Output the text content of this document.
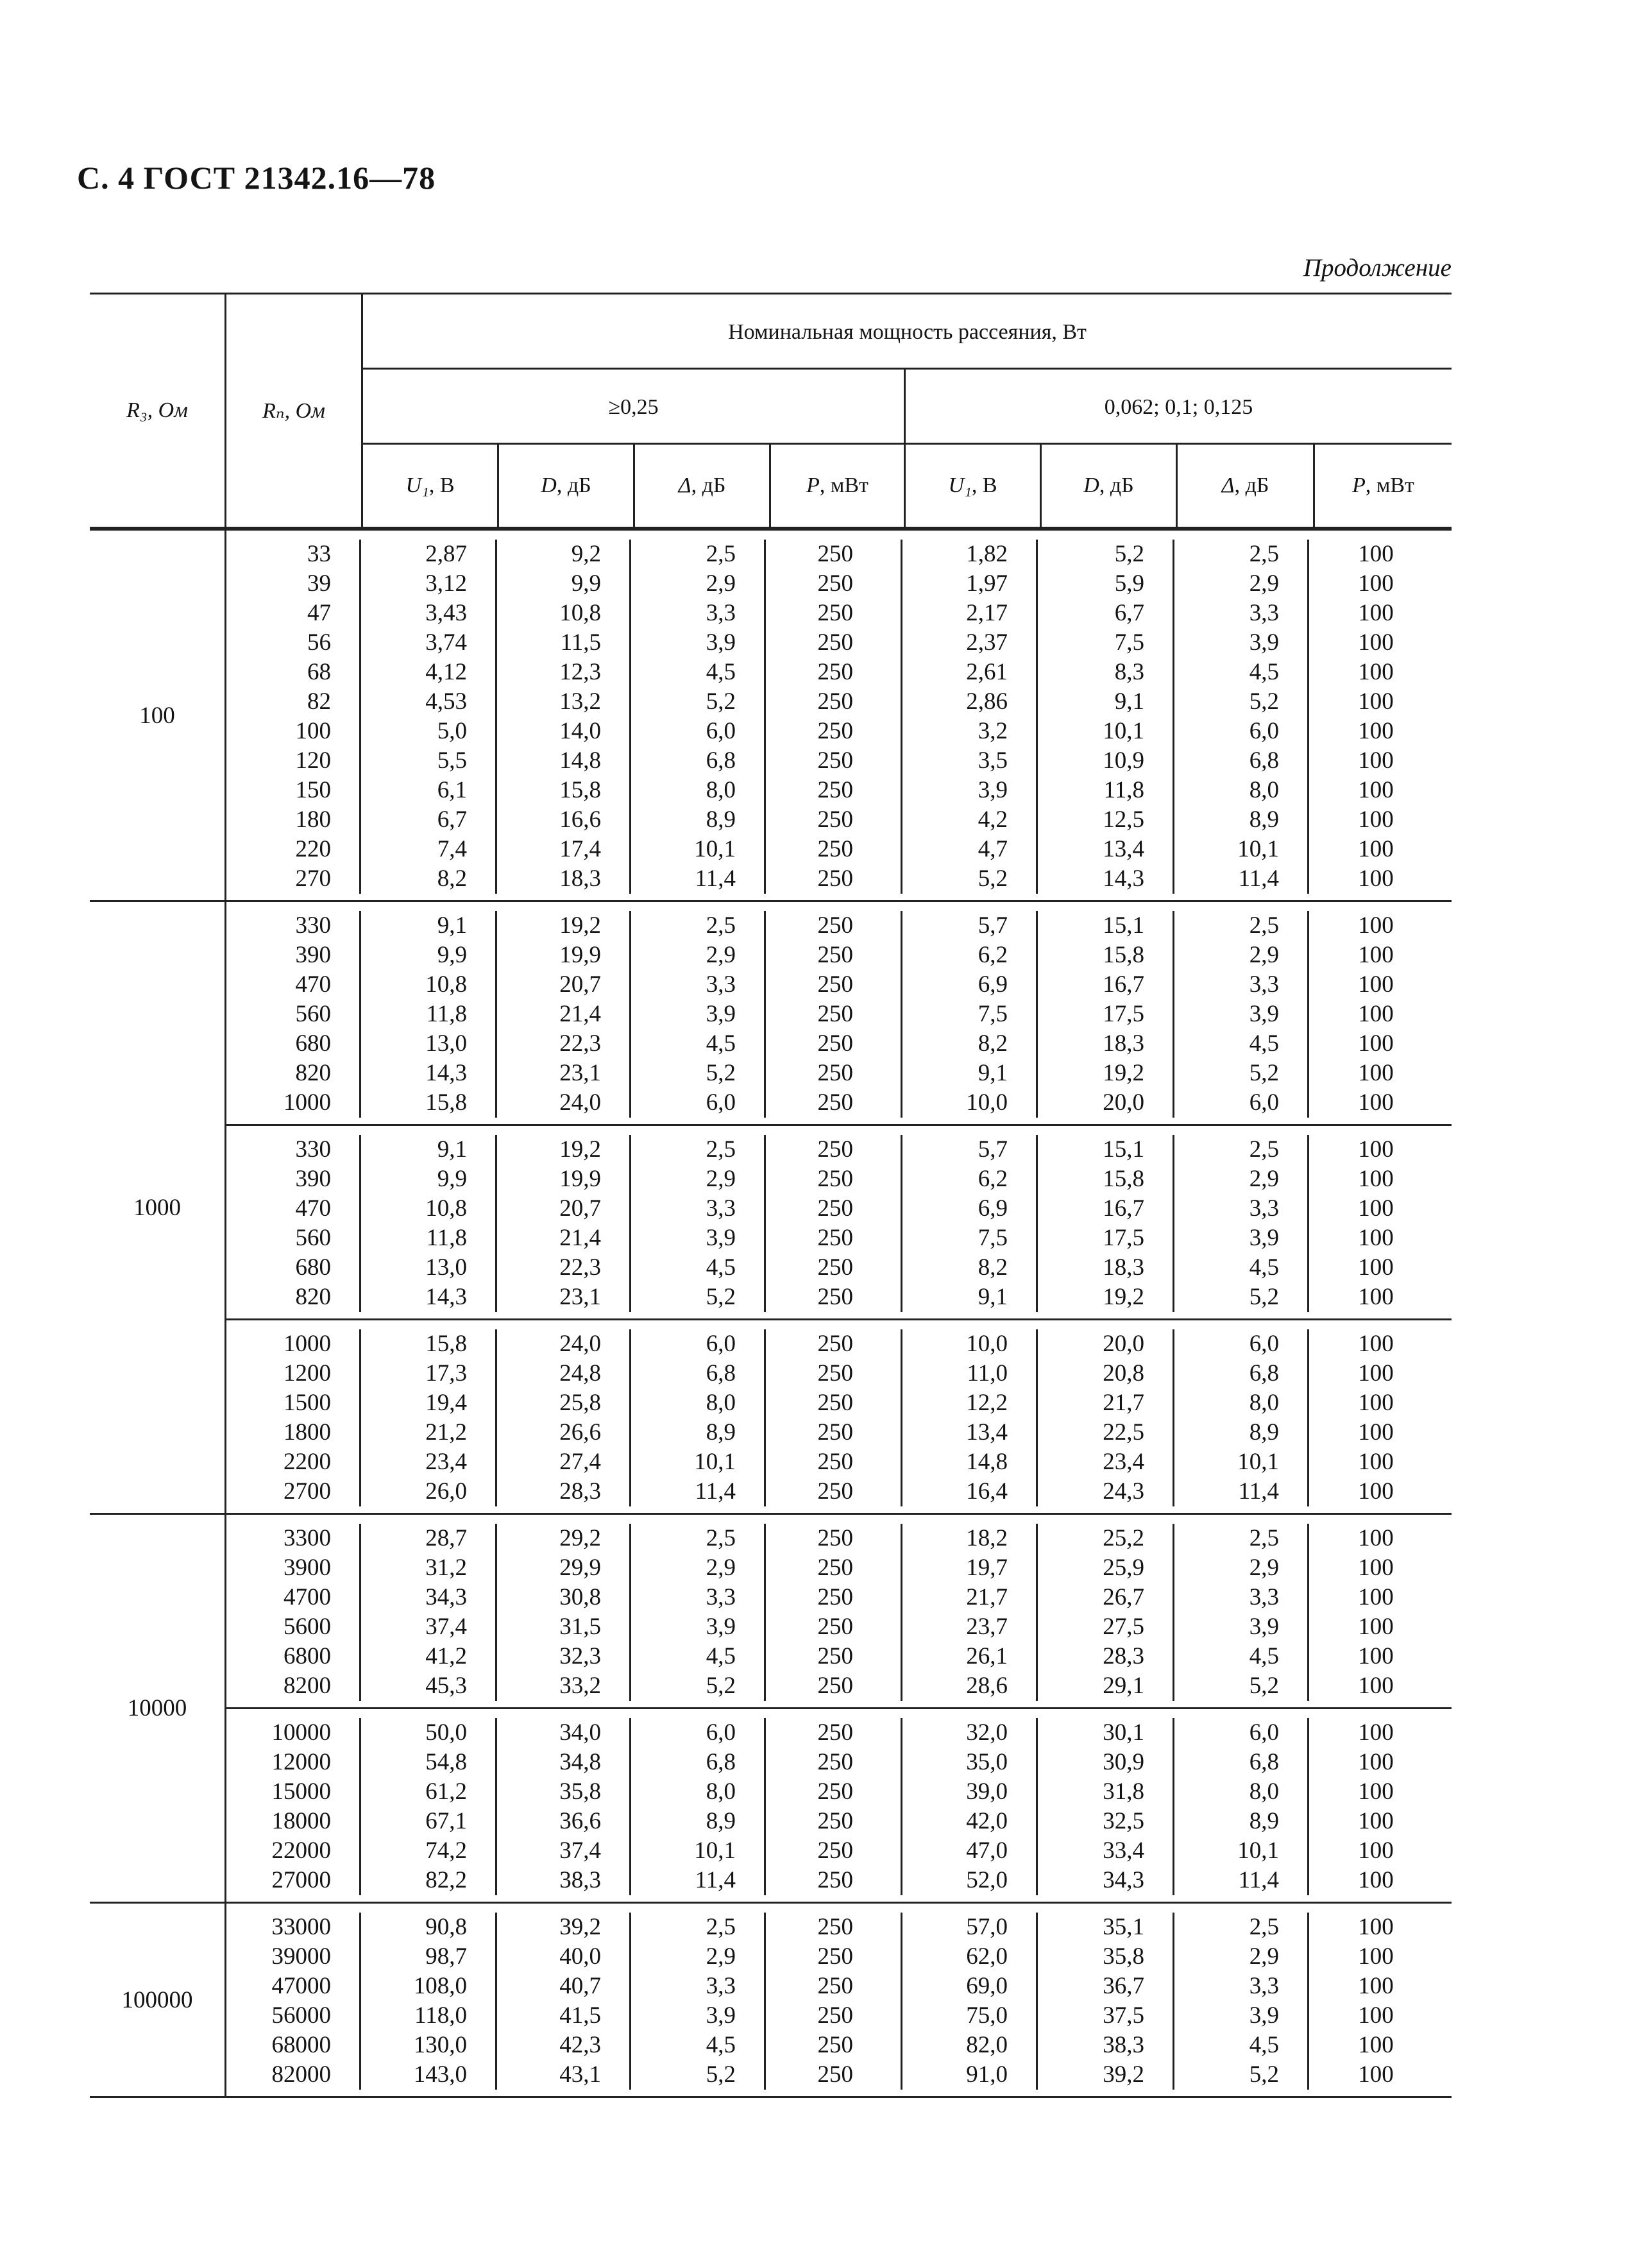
С. 4 ГОСТ 21342.16—78
Продолжение
R₃, Ом	Rₙ, Ом
Номинальная мощность рассеяния, Вт
≥0,25	0,062; 0,1; 0,125
U₁ , В	D , дБ	Δ , дБ	P , мВт	U₁ , В	D , дБ	Δ , дБ	P , мВт
100
33	2,87	9,2	2,5	250	1,82	5,2	2,5	100
39	3,12	9,9	2,9	250	1,97	5,9	2,9	100
47	3,43	10,8	3,3	250	2,17	6,7	3,3	100
56	3,74	11,5	3,9	250	2,37	7,5	3,9	100
68	4,12	12,3	4,5	250	2,61	8,3	4,5	100
82	4,53	13,2	5,2	250	2,86	9,1	5,2	100
100	5,0	14,0	6,0	250	3,2	10,1	6,0	100
120	5,5	14,8	6,8	250	3,5	10,9	6,8	100
150	6,1	15,8	8,0	250	3,9	11,8	8,0	100
180	6,7	16,6	8,9	250	4,2	12,5	8,9	100
220	7,4	17,4	10,1	250	4,7	13,4	10,1	100
270	8,2	18,3	11,4	250	5,2	14,3	11,4	100
1000
330	9,1	19,2	2,5	250	5,7	15,1	2,5	100
390	9,9	19,9	2,9	250	6,2	15,8	2,9	100
470	10,8	20,7	3,3	250	6,9	16,7	3,3	100
560	11,8	21,4	3,9	250	7,5	17,5	3,9	100
680	13,0	22,3	4,5	250	8,2	18,3	4,5	100
820	14,3	23,1	5,2	250	9,1	19,2	5,2	100
1000	15,8	24,0	6,0	250	10,0	20,0	6,0	100
330	9,1	19,2	2,5	250	5,7	15,1	2,5	100
390	9,9	19,9	2,9	250	6,2	15,8	2,9	100
470	10,8	20,7	3,3	250	6,9	16,7	3,3	100
560	11,8	21,4	3,9	250	7,5	17,5	3,9	100
680	13,0	22,3	4,5	250	8,2	18,3	4,5	100
820	14,3	23,1	5,2	250	9,1	19,2	5,2	100
1000	15,8	24,0	6,0	250	10,0	20,0	6,0	100
1200	17,3	24,8	6,8	250	11,0	20,8	6,8	100
1500	19,4	25,8	8,0	250	12,2	21,7	8,0	100
1800	21,2	26,6	8,9	250	13,4	22,5	8,9	100
2200	23,4	27,4	10,1	250	14,8	23,4	10,1	100
2700	26,0	28,3	11,4	250	16,4	24,3	11,4	100
10000
3300	28,7	29,2	2,5	250	18,2	25,2	2,5	100
3900	31,2	29,9	2,9	250	19,7	25,9	2,9	100
4700	34,3	30,8	3,3	250	21,7	26,7	3,3	100
5600	37,4	31,5	3,9	250	23,7	27,5	3,9	100
6800	41,2	32,3	4,5	250	26,1	28,3	4,5	100
8200	45,3	33,2	5,2	250	28,6	29,1	5,2	100
10000	50,0	34,0	6,0	250	32,0	30,1	6,0	100
12000	54,8	34,8	6,8	250	35,0	30,9	6,8	100
15000	61,2	35,8	8,0	250	39,0	31,8	8,0	100
18000	67,1	36,6	8,9	250	42,0	32,5	8,9	100
22000	74,2	37,4	10,1	250	47,0	33,4	10,1	100
27000	82,2	38,3	11,4	250	52,0	34,3	11,4	100
100000
33000	90,8	39,2	2,5	250	57,0	35,1	2,5	100
39000	98,7	40,0	2,9	250	62,0	35,8	2,9	100
47000	108,0	40,7	3,3	250	69,0	36,7	3,3	100
56000	118,0	41,5	3,9	250	75,0	37,5	3,9	100
68000	130,0	42,3	4,5	250	82,0	38,3	4,5	100
82000	143,0	43,1	5,2	250	91,0	39,2	5,2	100
